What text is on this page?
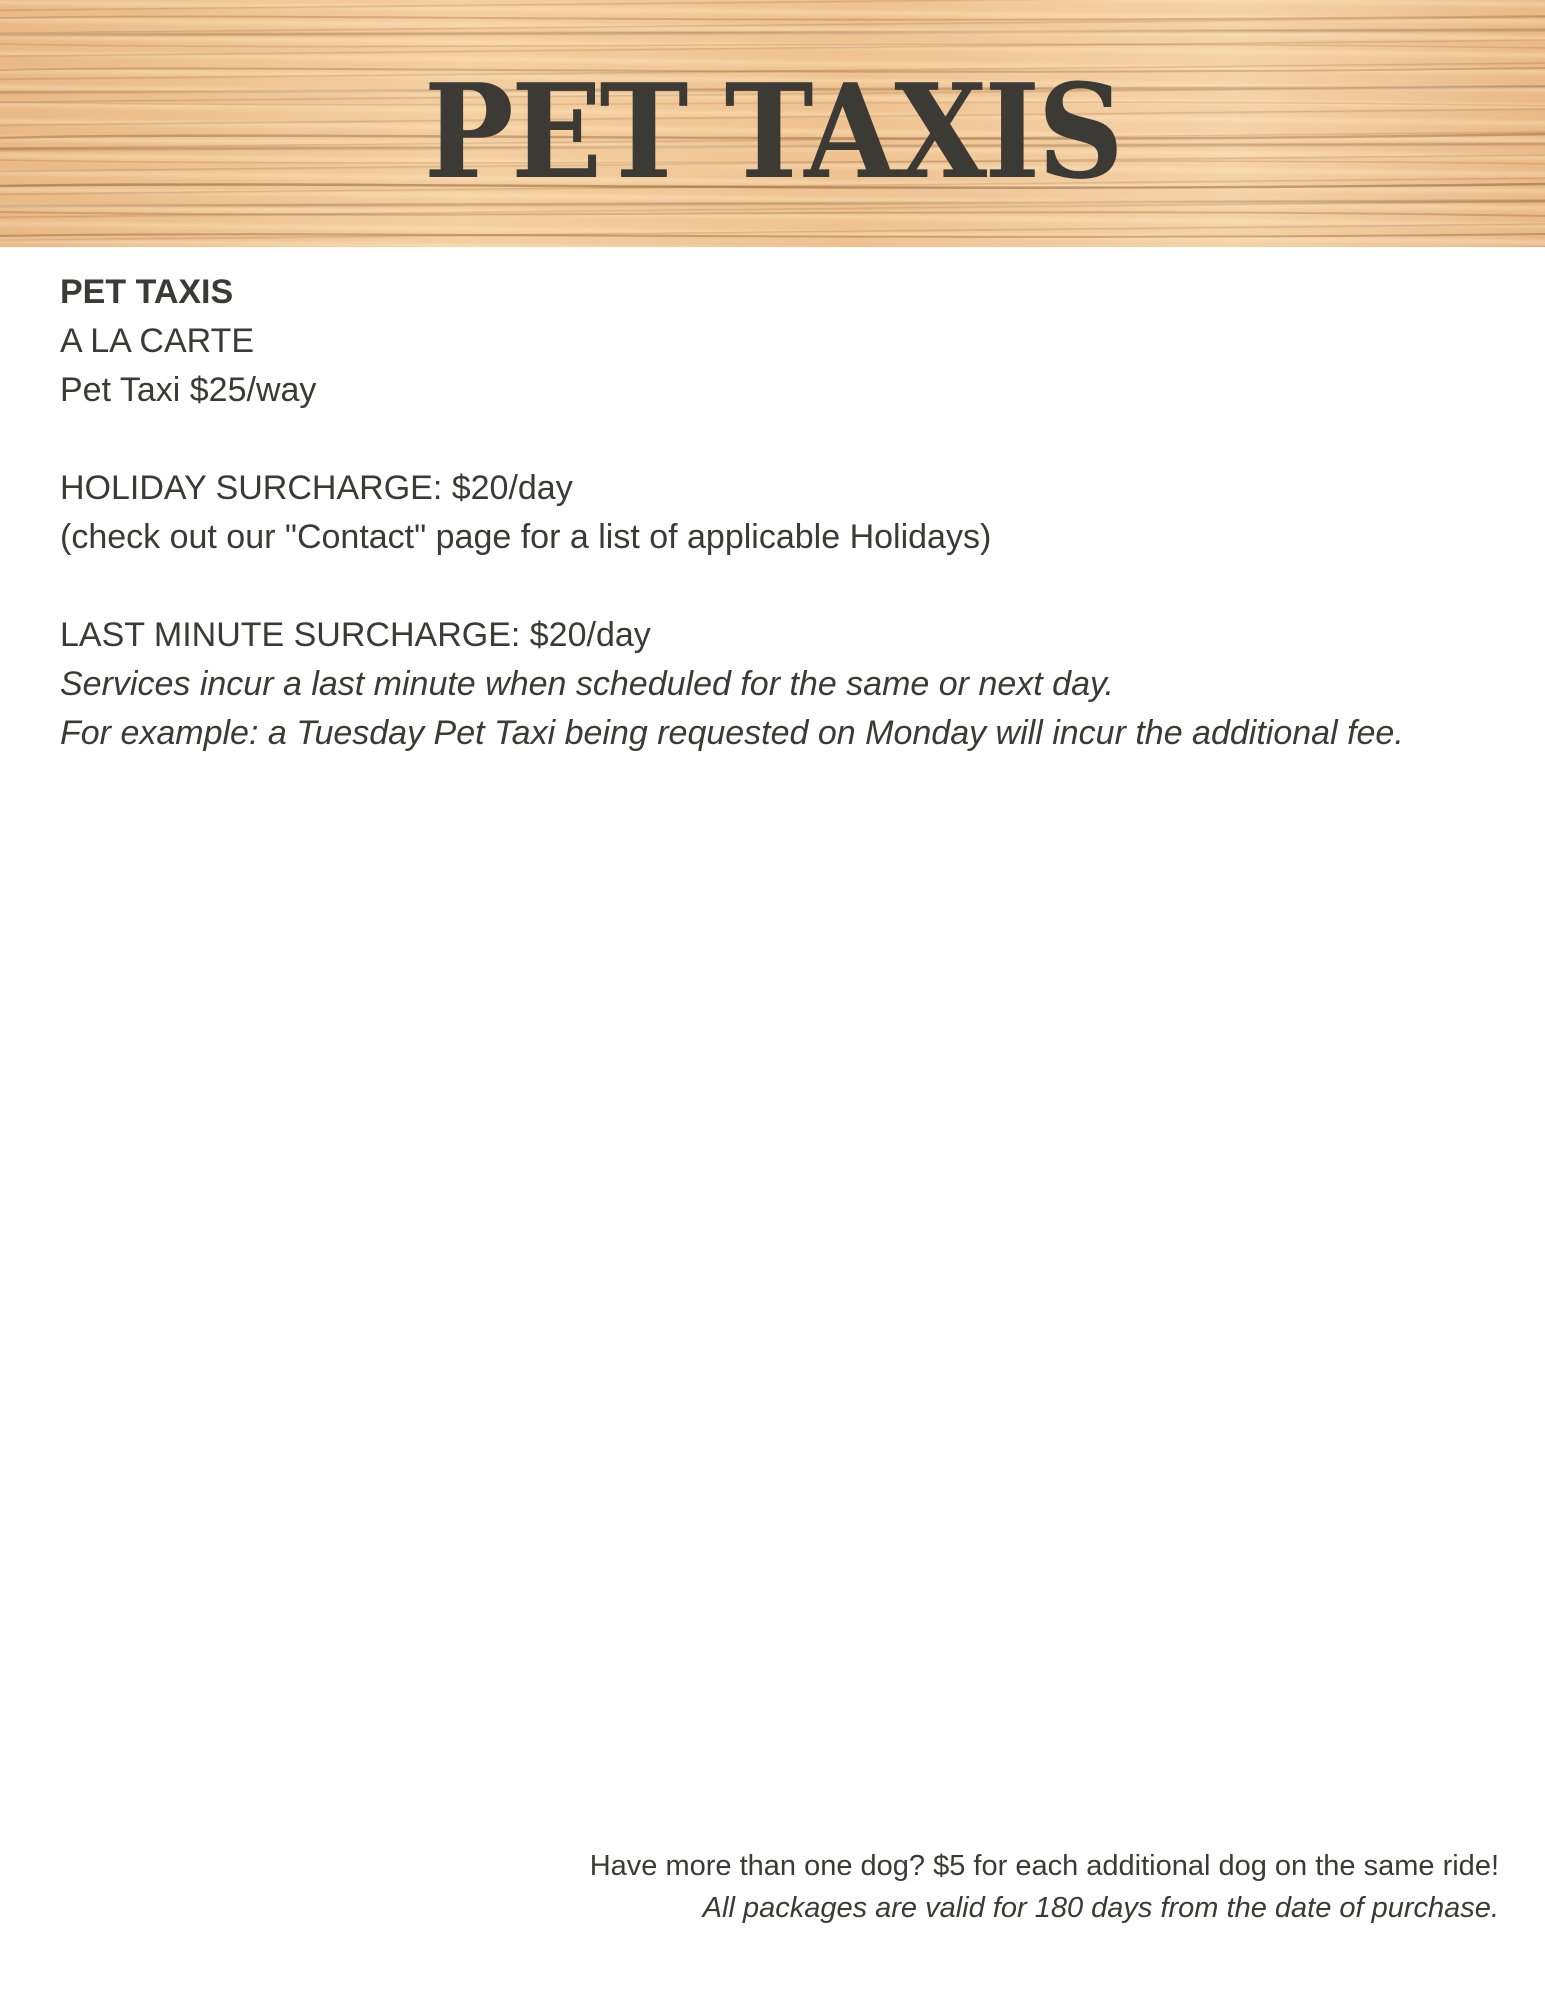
PET TAXIS

PET TAXIS

A LA CARTE

Pet Taxi $25/way

HOLIDAY SURCHARGE: $20/day

(check out our "Contact" page for a list of applicable Holidays)

LAST MINUTE SURCHARGE: $20/day

Services incur a last minute when scheduled for the same or next day.

For example: a Tuesday Pet Taxi being requested on Monday will incur the additional fee.

Have more than one dog? $5 for each additional dog on the same ride!

All packages are valid for 180 days from the date of purchase.
